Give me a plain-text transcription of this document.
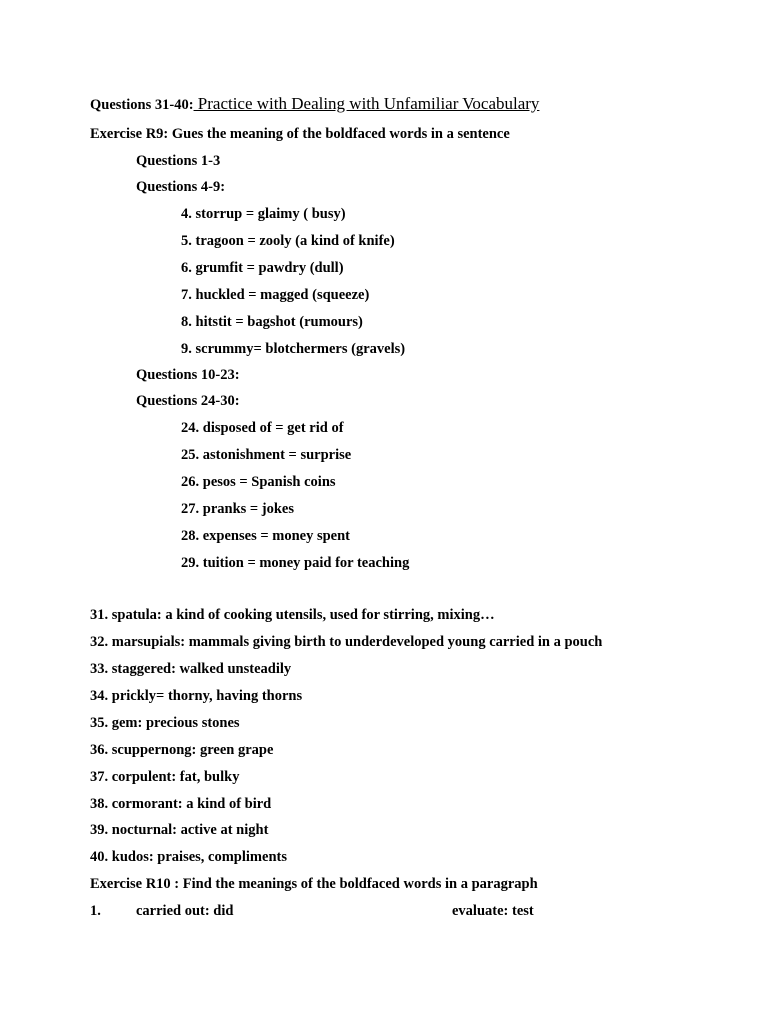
Questions 31-40: Practice with Dealing with Unfamiliar Vocabulary
Exercise R9: Gues the meaning of the boldfaced words in a sentence
Questions 1-3
Questions 4-9:
4. storrup = glaimy ( busy)
5. tragoon = zooly (a kind of knife)
6. grumfit = pawdry (dull)
7. huckled = magged (squeeze)
8. hitstit = bagshot (rumours)
9. scrummy= blotchermers (gravels)
Questions 10-23:
Questions 24-30:
24. disposed of = get rid of
25. astonishment = surprise
26. pesos = Spanish coins
27. pranks = jokes
28. expenses = money spent
29. tuition = money paid for teaching
31. spatula: a kind of cooking utensils, used for stirring, mixing…
32. marsupials: mammals giving birth to underdeveloped young carried in a pouch
33. staggered: walked unsteadily
34. prickly= thorny, having thorns
35. gem: precious stones
36. scuppernong: green grape
37. corpulent: fat, bulky
38. cormorant: a kind of bird
39. nocturnal: active at night
40. kudos: praises, compliments
Exercise R10 : Find the meanings of the boldfaced words in a paragraph
1. carried out: did	evaluate: test
